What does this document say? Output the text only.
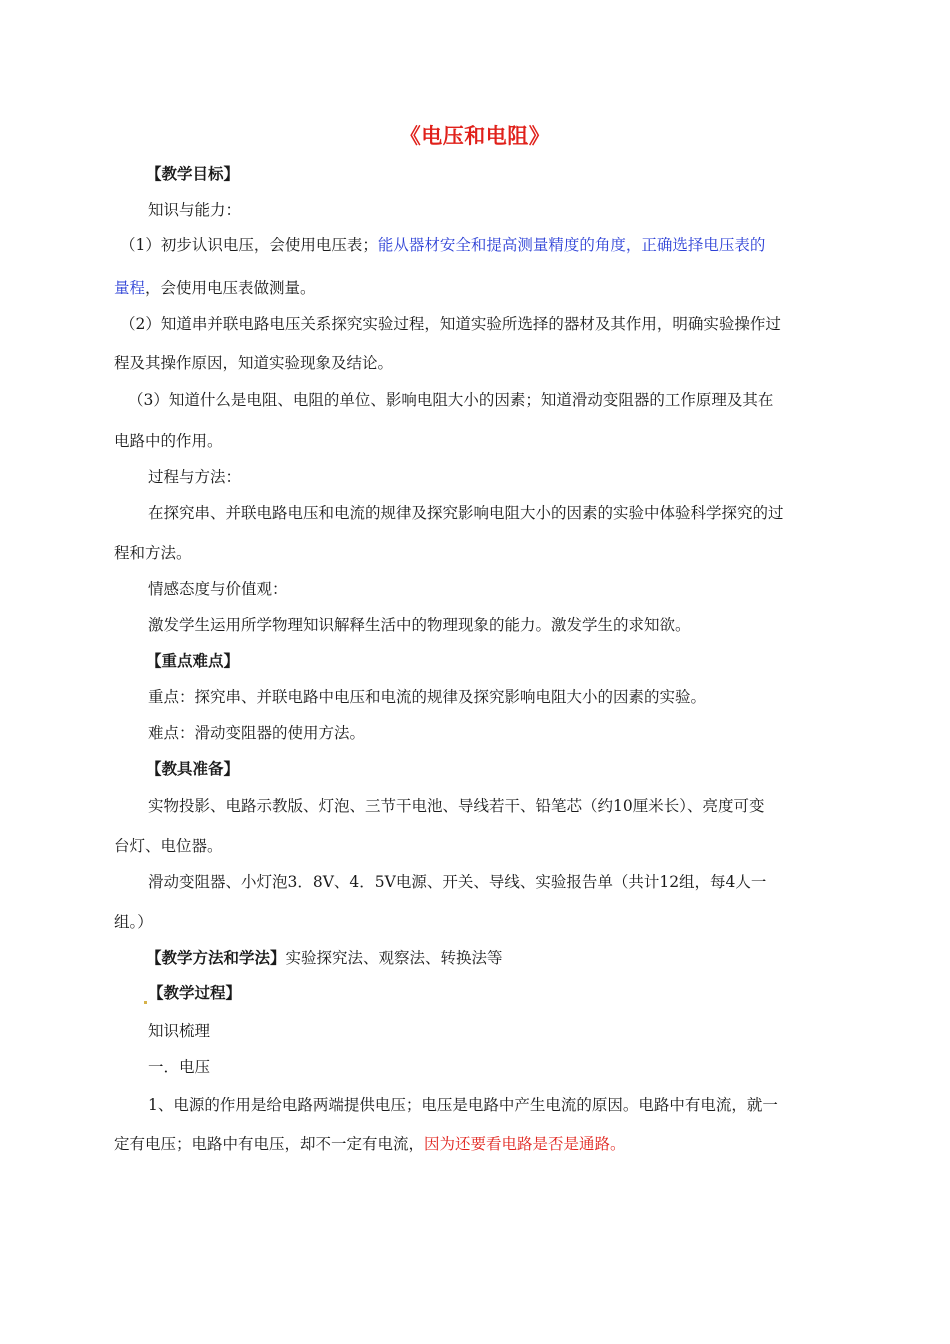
《电压和电阻》
【教学目标】
知识与能力：
（1）初步认识电压，会使用电压表；能从器材安全和提高测量精度的角度，正确选择电压表的
量程，会使用电压表做测量。
（2）知道串并联电路电压关系探究实验过程，知道实验所选择的器材及其作用，明确实验操作过
程及其操作原因，知道实验现象及结论。
（3）知道什么是电阻、电阻的单位、影响电阻大小的因素；知道滑动变阻器的工作原理及其在
电路中的作用。
过程与方法：
在探究串、并联电路电压和电流的规律及探究影响电阻大小的因素的实验中体验科学探究的过
程和方法。
情感态度与价值观：
激发学生运用所学物理知识解释生活中的物理现象的能力。激发学生的求知欲。
【重点难点】
重点：探究串、并联电路中电压和电流的规律及探究影响电阻大小的因素的实验。
难点：滑动变阻器的使用方法。
【教具准备】
实物投影、电路示教版、灯泡、三节干电池、导线若干、铅笔芯（约10厘米长）、亮度可变
台灯、电位器。
滑动变阻器、小灯泡3．8V、4．5V电源、开关、导线、实验报告单（共计12组，每4人一
组。）
【教学方法和学法】实验探究法、观察法、转换法等
【教学过程】
知识梳理
一．电压
1、电源的作用是给电路两端提供电压；电压是电路中产生电流的原因。电路中有电流，就一
定有电压；电路中有电压，却不一定有电流，因为还要看电路是否是通路。
